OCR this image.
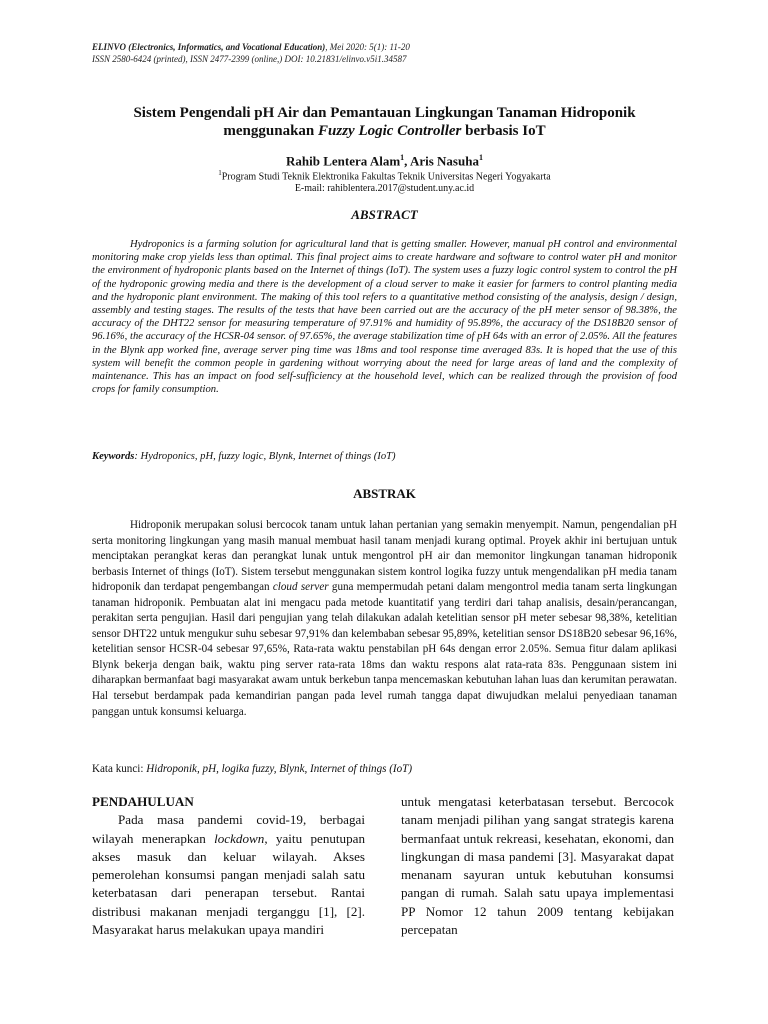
ELINVO (Electronics, Informatics, and Vocational Education), Mei 2020: 5(1): 11-20
ISSN 2580-6424 (printed), ISSN 2477-2399 (online,) DOI: 10.21831/elinvo.v5i1.34587
Sistem Pengendali pH Air dan Pemantauan Lingkungan Tanaman Hidroponik
menggunakan Fuzzy Logic Controller berbasis IoT
Rahib Lentera Alam$^1$, Aris Nasuha$^1$
$^1$Program Studi Teknik Elektronika Fakultas Teknik Universitas Negeri Yogyakarta
E-mail: rahiblentera.2017@student.uny.ac.id
ABSTRACT
Hydroponics is a farming solution for agricultural land that is getting smaller. However, manual pH control and environmental monitoring make crop yields less than optimal. This final project aims to create hardware and software to control water pH and monitor the environment of hydroponic plants based on the Internet of things (IoT). The system uses a fuzzy logic control system to control the pH of the hydroponic growing media and there is the development of a cloud server to make it easier for farmers to control planting media and the hydroponic plant environment. The making of this tool refers to a quantitative method consisting of the analysis, design / design, assembly and testing stages. The results of the tests that have been carried out are the accuracy of the pH meter sensor of 98.38%, the accuracy of the DHT22 sensor for measuring temperature of 97.91% and humidity of 95.89%, the accuracy of the DS18B20 sensor of 96.16%, the accuracy of the HCSR-04 sensor. of 97.65%, the average stabilization time of pH 64s with an error of 2.05%. All the features in the Blynk app worked fine, average server ping time was 18ms and tool response time averaged 83s. It is hoped that the use of this system will benefit the common people in gardening without worrying about the need for large areas of land and the complexity of maintenance. This has an impact on food self-sufficiency at the household level, which can be realized through the provision of food crops for family consumption.
Keywords: Hydroponics, pH, fuzzy logic, Blynk, Internet of things (IoT)
ABSTRAK
Hidroponik merupakan solusi bercocok tanam untuk lahan pertanian yang semakin menyempit. Namun, pengendalian pH serta monitoring lingkungan yang masih manual membuat hasil tanam menjadi kurang optimal. Proyek akhir ini bertujuan untuk menciptakan perangkat keras dan perangkat lunak untuk mengontrol pH air dan memonitor lingkungan tanaman hidroponik berbasis Internet of things (IoT). Sistem tersebut menggunakan sistem kontrol logika fuzzy untuk mengendalikan pH media tanam hidroponik dan terdapat pengembangan cloud server guna mempermudah petani dalam mengontrol media tanam serta lingkungan tanaman hidroponik. Pembuatan alat ini mengacu pada metode kuantitatif yang terdiri dari tahap analisis, desain/perancangan, perakitan serta pengujian. Hasil dari pengujian yang telah dilakukan adalah ketelitian sensor pH meter sebesar 98,38%, ketelitian sensor DHT22 untuk mengukur suhu sebesar 97,91% dan kelembaban sebesar 95,89%, ketelitian sensor DS18B20 sebesar 96,16%, ketelitian sensor HCSR-04 sebesar 97,65%, Rata-rata waktu penstabilan pH 64s dengan error 2.05%. Semua fitur dalam aplikasi Blynk bekerja dengan baik, waktu ping server rata-rata 18ms dan waktu respons alat rata-rata 83s. Penggunaan sistem ini diharapkan bermanfaat bagi masyarakat awam untuk berkebun tanpa mencemaskan kebutuhan lahan luas dan kerumitan perawatan. Hal tersebut berdampak pada kemandirian pangan pada level rumah tangga dapat diwujudkan melalui penyediaan tanaman panggan untuk konsumsi keluarga.
Kata kunci: Hidroponik, pH, logika fuzzy, Blynk, Internet of things (IoT)
PENDAHULUAN

Pada masa pandemi covid-19, berbagai wilayah menerapkan lockdown, yaitu penutupan akses masuk dan keluar wilayah. Akses pemerolehan konsumsi pangan menjadi salah satu keterbatasan dari penerapan tersebut. Rantai distribusi makanan menjadi terganggu [1], [2]. Masyarakat harus melakukan upaya mandiri

untuk mengatasi keterbatasan tersebut. Bercocok tanam menjadi pilihan yang sangat strategis karena bermanfaat untuk rekreasi, kesehatan, ekonomi, dan lingkungan di masa pandemi [3]. Masyarakat dapat menanam sayuran untuk kebutuhan konsumsi pangan di rumah. Salah satu upaya implementasi PP Nomor 12 tahun 2009 tentang kebijakan percepatan
